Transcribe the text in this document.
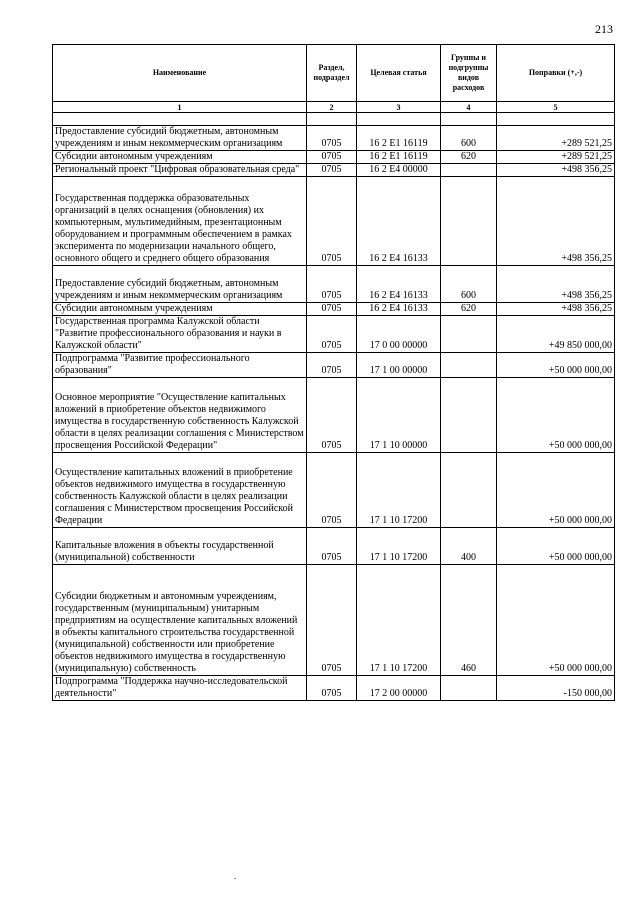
213
Наименование	Раздел, подраздел	Целевая статья	Группы и подгруппы видов расходов	Поправки (+,-)
1	2	3	4	5

Предоставление субсидий бюджетным, автономным учреждениям и иным некоммерческим организациям	0705	16 2 E1 16119	600	+289 521,25
Субсидии автономным учреждениям	0705	16 2 E1 16119	620	+289 521,25
Региональный проект "Цифровая образовательная среда"	0705	16 2 E4 00000		+498 356,25
Государственная поддержка образовательных организаций в целях оснащения (обновления) их компьютерным, мультимедийным, презентационным оборудованием и программным обеспечением в рамках эксперимента по модернизации начального общего, основного общего и среднего общего образования	0705	16 2 E4 16133		+498 356,25
Предоставление субсидий бюджетным, автономным учреждениям и иным некоммерческим организациям	0705	16 2 E4 16133	600	+498 356,25
Субсидии автономным учреждениям	0705	16 2 E4 16133	620	+498 356,25
Государственная программа Калужской области "Развитие профессионального образования и науки в Калужской области"	0705	17 0 00 00000		+49 850 000,00
Подпрограмма "Развитие профессионального образования"	0705	17 1 00 00000		+50 000 000,00
Основное мероприятие "Осуществление капитальных вложений в приобретение объектов недвижимого имущества в государственную собственность Калужской области в целях реализации соглашения с Министерством просвещения Российской Федерации"	0705	17 1 10 00000		+50 000 000,00
Осуществление капитальных вложений в приобретение объектов недвижимого имущества в государственную собственность Калужской области в целях реализации соглашения с Министерством просвещения Российской Федерации	0705	17 1 10 17200		+50 000 000,00
Капитальные вложения в объекты государственной (муниципальной) собственности	0705	17 1 10 17200	400	+50 000 000,00
Субсидии бюджетным и автономным учреждениям, государственным (муниципальным) унитарным предприятиям на осуществление капитальных вложений в объекты капитального строительства государственной (муниципальной) собственности или приобретение объектов недвижимого имущества в государственную (муниципальную) собственность	0705	17 1 10 17200	460	+50 000 000,00
Подпрограмма "Поддержка научно-исследовательской деятельности"	0705	17 2 00 00000		-150 000,00
